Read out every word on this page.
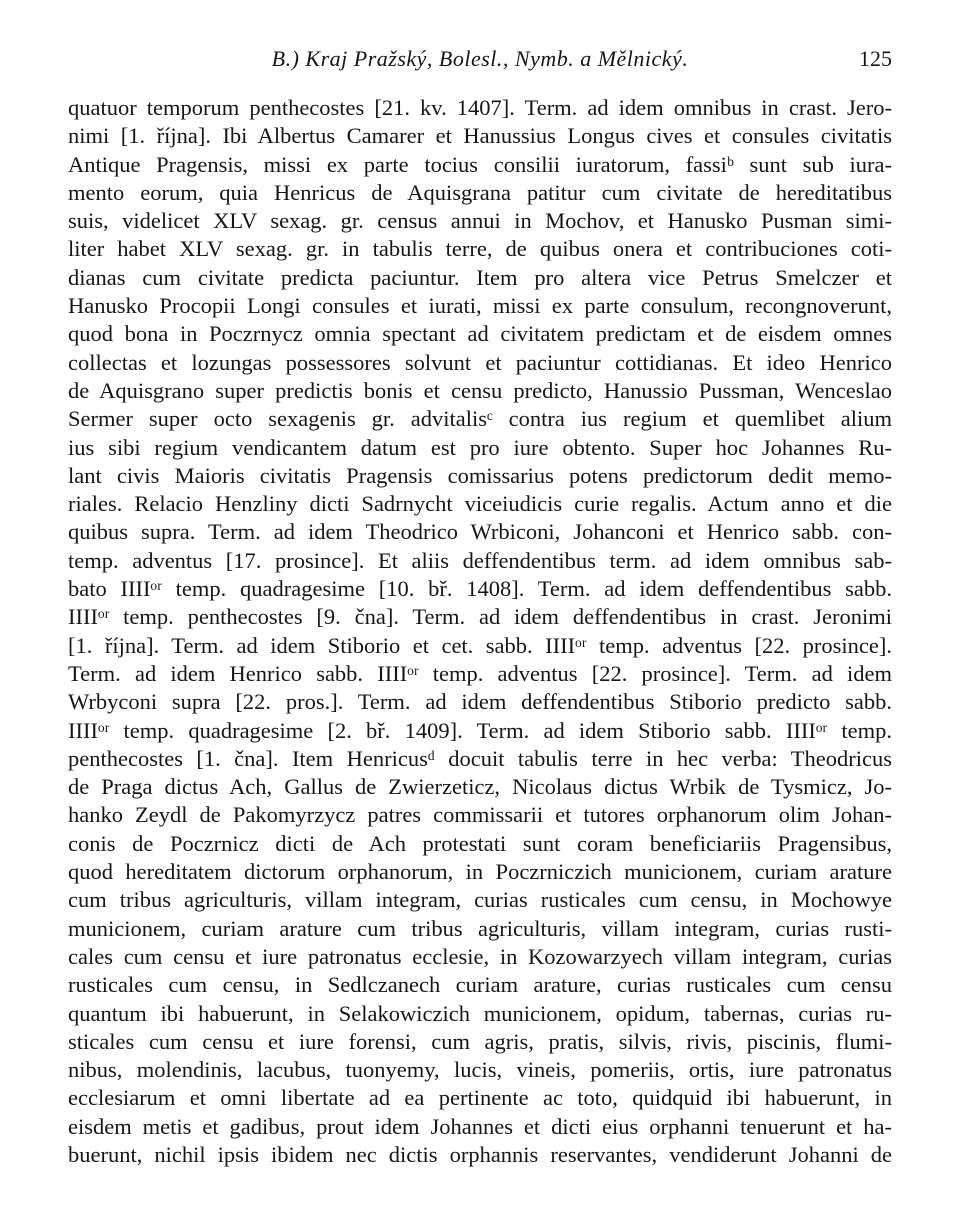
B.) Kraj Pražský, Bolesl., Nymb. a Mělnický.	125
quatuor temporum penthecostes [21. kv. 1407]. Term. ad idem omnibus in crast. Jero-
nimi [1. října]. Ibi Albertus Camarer et Hanussius Longus cives et consules civitatis
Antique Pragensis, missi ex parte tocius consilii iuratorum, fassiᵇ sunt sub iura-
mento eorum, quia Henricus de Aquisgrana patitur cum civitate de hereditatibus
suis, videlicet XLV sexag. gr. census annui in Mochov, et Hanusko Pusman simi-
liter habet XLV sexag. gr. in tabulis terre, de quibus onera et contribuciones coti-
dianas cum civitate predicta paciuntur. Item pro altera vice Petrus Smelczer et
Hanusko Procopii Longi consules et iurati, missi ex parte consulum, recongnoverunt,
quod bona in Poczrnycz omnia spectant ad civitatem predictam et de eisdem omnes
collectas et lozungas possessores solvunt et paciuntur cottidianas. Et ideo Henrico
de Aquisgrano super predictis bonis et censu predicto, Hanussio Pussman, Wenceslao
Sermer super octo sexagenis gr. advitalisᶜ contra ius regium et quemlibet alium
ius sibi regium vendicantem datum est pro iure obtento. Super hoc Johannes Ru-
lant civis Maioris civitatis Pragensis comissarius potens predictorum dedit memo-
riales. Relacio Henzliny dicti Sadrnycht viceiudicis curie regalis. Actum anno et die
quibus supra. Term. ad idem Theodrico Wrbiconi, Johanconi et Henrico sabb. con-
temp. adventus [17. prosince]. Et aliis deffendentibus term. ad idem omnibus sab-
bato IIIIᵒʳ temp. quadragesime [10. bř. 1408]. Term. ad idem deffendentibus sabb.
IIIIᵒʳ temp. penthecostes [9. čna]. Term. ad idem deffendentibus in crast. Jeronimi
[1. října]. Term. ad idem Stiborio et cet. sabb. IIIIᵒʳ temp. adventus [22. prosince].
Term. ad idem Henrico sabb. IIIIᵒʳ temp. adventus [22. prosince]. Term. ad idem
Wrbyconi supra [22. pros.]. Term. ad idem deffendentibus Stiborio predicto sabb.
IIIIᵒʳ temp. quadragesime [2. bř. 1409]. Term. ad idem Stiborio sabb. IIIIᵒʳ temp.
penthecostes [1. čna]. Item Henricusᵈ docuit tabulis terre in hec verba: Theodricus
de Praga dictus Ach, Gallus de Zwierzeticz, Nicolaus dictus Wrbik de Tysmicz, Jo-
hanko Zeydl de Pakomyrzycz patres commissarii et tutores orphanorum olim Johan-
conis de Poczrnicz dicti de Ach protestati sunt coram beneficiariis Pragensibus,
quod hereditatem dictorum orphanorum, in Poczrniczich municionem, curiam arature
cum tribus agriculturis, villam integram, curias rusticales cum censu, in Mochowye
municionem, curiam arature cum tribus agriculturis, villam integram, curias rusti-
cales cum censu et iure patronatus ecclesie, in Kozowarzyech villam integram, curias
rusticales cum censu, in Sedlczanech curiam arature, curias rusticales cum censu
quantum ibi habuerunt, in Selakowiczich municionem, opidum, tabernas, curias ru-
sticales cum censu et iure forensi, cum agris, pratis, silvis, rivis, piscinis, flumi-
nibus, molendinis, lacubus, tuonyemy, lucis, vineis, pomeriis, ortis, iure patronatus
ecclesiarum et omni libertate ad ea pertinente ac toto, quidquid ibi habuerunt, in
eisdem metis et gadibus, prout idem Johannes et dicti eius orphanni tenuerunt et ha-
buerunt, nichil ipsis ibidem nec dictis orphannis reservantes, vendiderunt Johanni de
